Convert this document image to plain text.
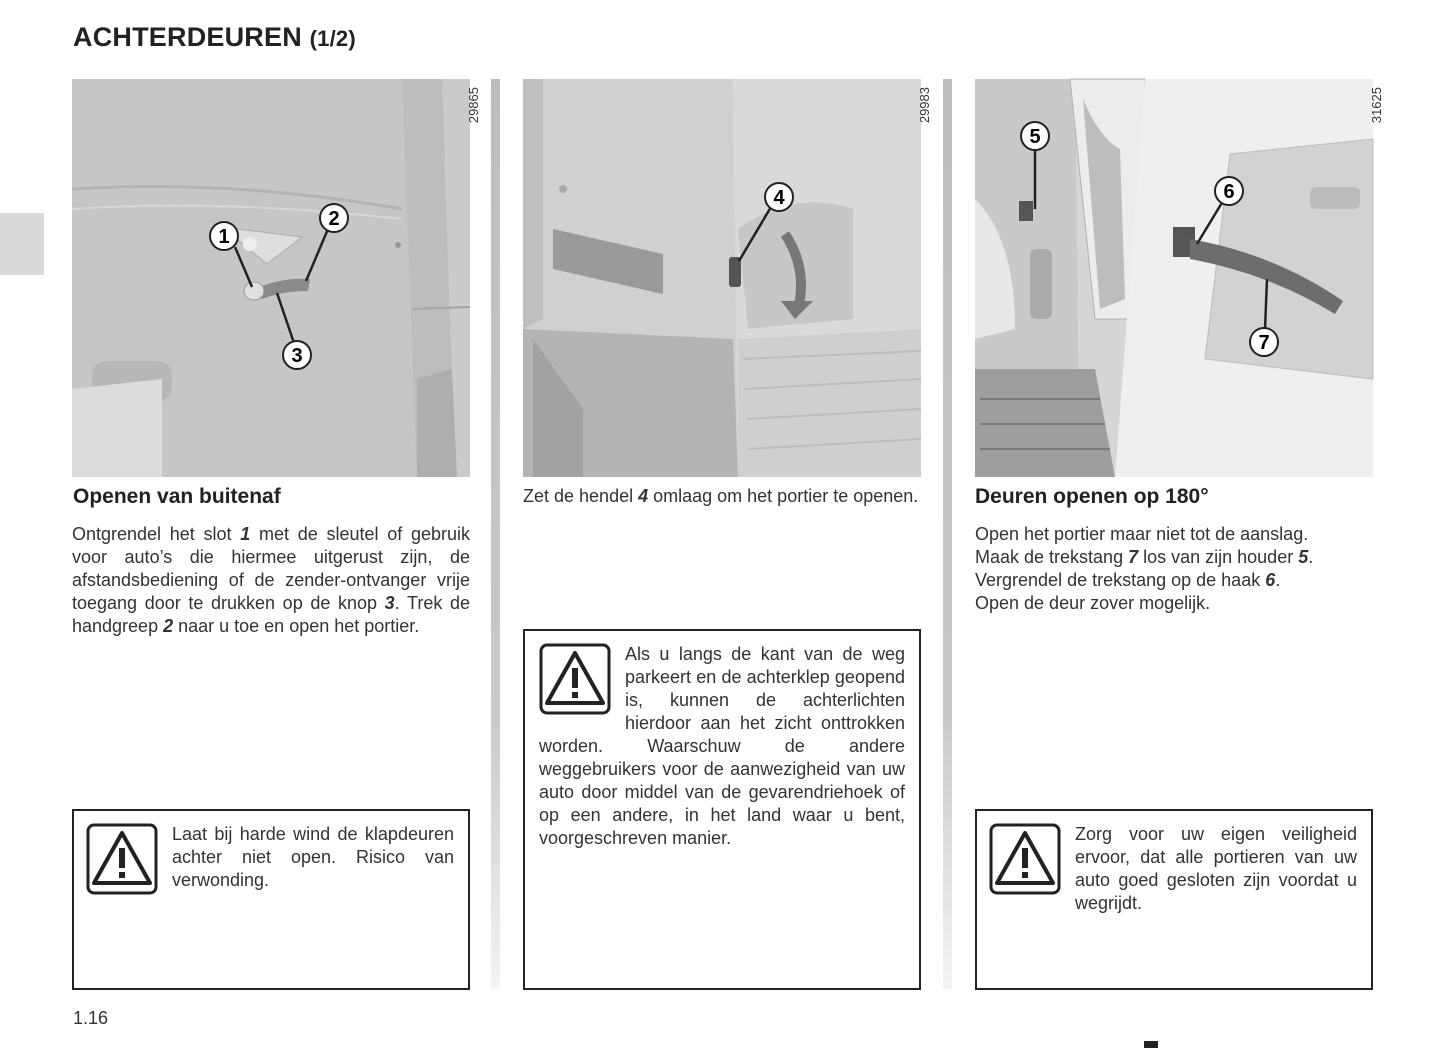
ACHTERDEUREN (1/2)
1
2
3
29865
Openen van buitenaf
Ontgrendel het slot 1 met de sleutel of gebruik voor auto’s die hiermee uitgerust zijn, de afstandsbediening of de zender-ontvanger vrije toegang door te drukken op de knop 3. Trek de handgreep 2 naar u toe en open het portier.
Laat bij harde wind de klapdeuren achter niet open. Risico van verwonding.
4
29983
Zet de hendel 4 omlaag om het portier te openen.
Als u langs de kant van de weg parkeert en de achterklep geopend is, kunnen de achterlichten hierdoor aan het zicht onttrokken worden. Waarschuw de andere weggebruikers voor de aanwezigheid van uw auto door middel van de gevarendriehoek of op een andere, in het land waar u bent, voorgeschreven manier.
5
6
7
31625
Deuren openen op 180°

Open het portier maar niet tot de aanslag.

Maak de trekstang 7 los van zijn houder 5.

Vergrendel de trekstang op de haak 6.

Open de deur zover mogelijk.

Zorg voor uw eigen veiligheid ervoor, dat alle portieren van uw auto goed gesloten zijn voordat u wegrijdt.
1.16
